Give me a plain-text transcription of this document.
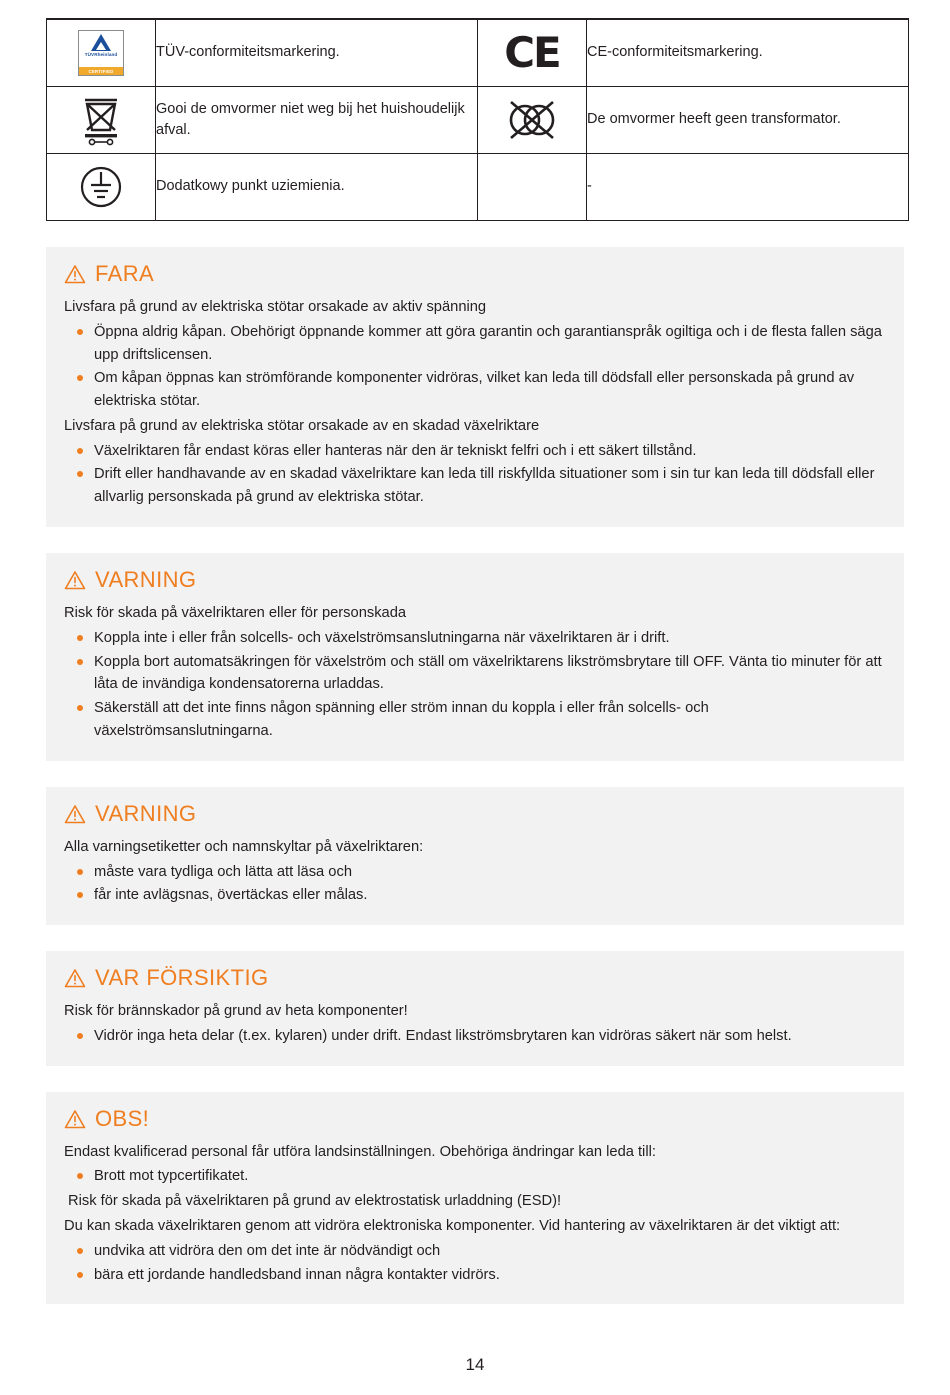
TÜVRheinland
CERTIFIED	TÜV-conformiteitsmarkering.	CE	CE-conformiteitsmarkering.

Gooi de omvormer niet weg bij het huishoudelijk afval.		De omvormer heeft geen transformator.

Dodatkowy punkt uziemienia.		-
FARA

Livsfara på grund av elektriska stötar orsakade av aktiv spänning

Öppna aldrig kåpan. Obehörigt öppnande kommer att göra garantin och garantianspråk ogiltiga och i de flesta fallen säga upp driftslicensen.
Om kåpan öppnas kan strömförande komponenter vidröras, vilket kan leda till dödsfall eller personskada på grund av elektriska stötar.

Livsfara på grund av elektriska stötar orsakade av en skadad växelriktare

Växelriktaren får endast köras eller hanteras när den är tekniskt felfri och i ett säkert tillstånd.
Drift eller handhavande av en skadad växelriktare kan leda till riskfyllda situationer som i sin tur kan leda till dödsfall eller allvarlig personskada på grund av elektriska stötar.
VARNING

Risk för skada på växelriktaren eller för personskada

Koppla inte i eller från solcells- och växelströmsanslutningarna när växelriktaren är i drift.
Koppla bort automatsäkringen för växelström och ställ om växelriktarens likströmsbrytare till OFF. Vänta tio minuter för att låta de invändiga kondensatorerna urladdas.
Säkerställ att det inte finns någon spänning eller ström innan du koppla i eller från solcells- och växelströmsanslutningarna.
VARNING

Alla varningsetiketter och namnskyltar på växelriktaren:

måste vara tydliga och lätta att läsa och
får inte avlägsnas, övertäckas eller målas.
VAR FÖRSIKTIG

Risk för brännskador på grund av heta komponenter!

Vidrör inga heta delar (t.ex. kylaren) under drift. Endast likströmsbrytaren kan vidröras säkert när som helst.
OBS!

Endast kvalificerad personal får utföra landsinställningen. Obehöriga ändringar kan leda till:

Brott mot typcertifikatet.

Risk för skada på växelriktaren på grund av elektrostatisk urladdning (ESD)!

Du kan skada växelriktaren genom att vidröra elektroniska komponenter. Vid hantering av växelriktaren är det viktigt att:

undvika att vidröra den om det inte är nödvändigt och
bära ett jordande handledsband innan några kontakter vidrörs.
14
